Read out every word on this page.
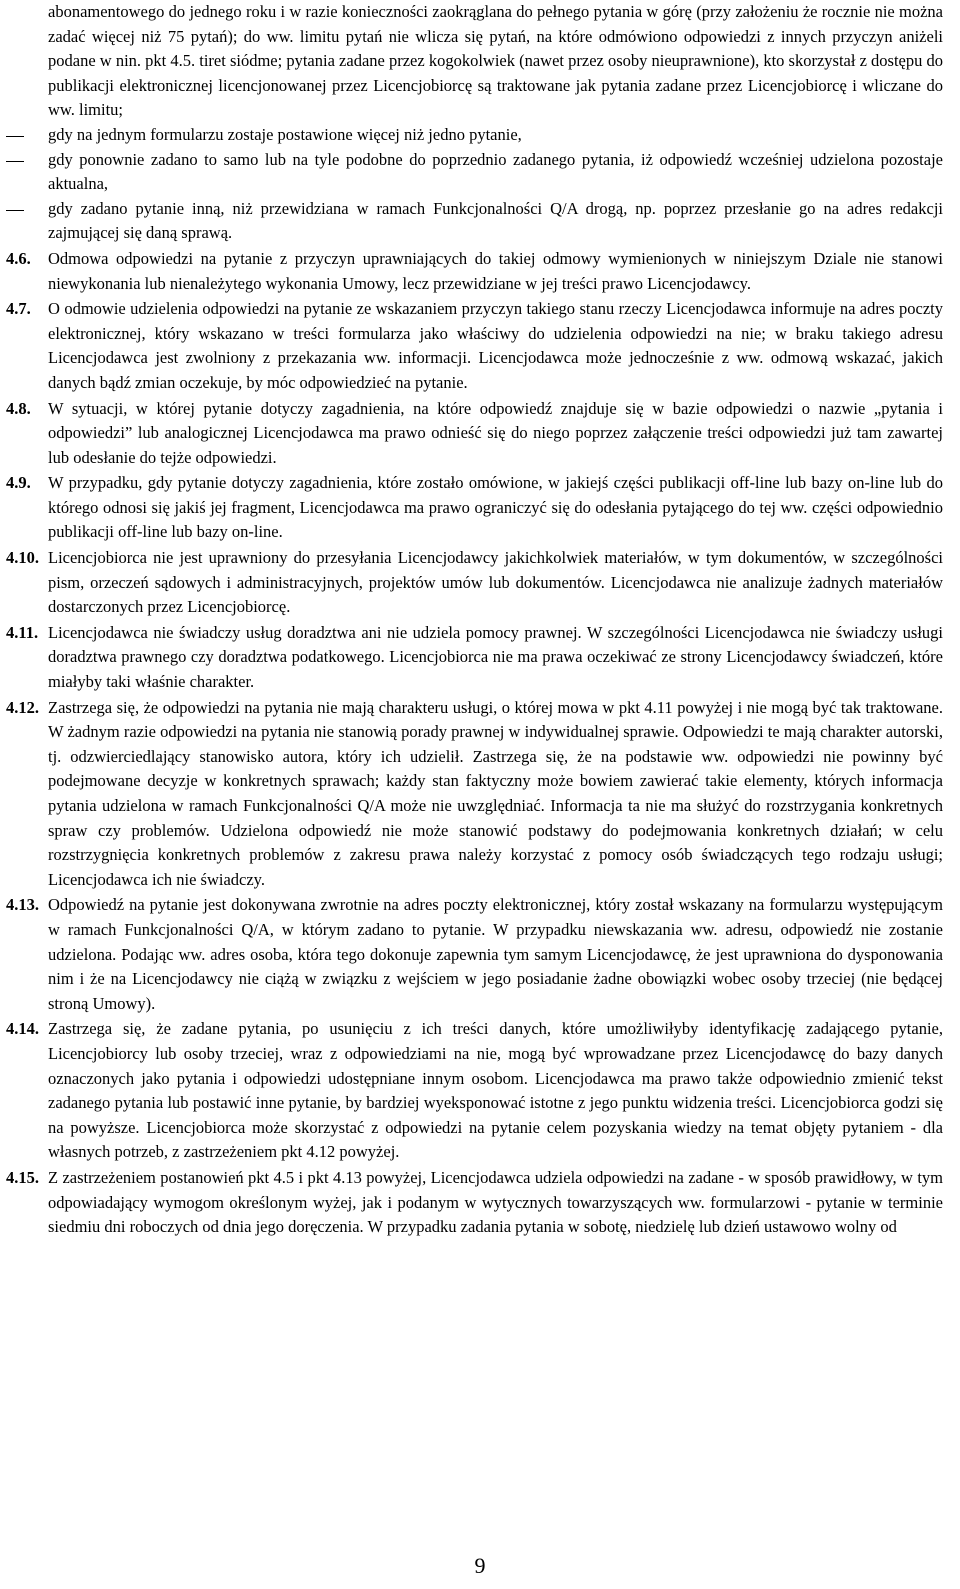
abonamentowego do jednego roku i w razie konieczności zaokrąglana do pełnego pytania w górę (przy założeniu że rocznie nie można zadać więcej niż 75 pytań); do ww. limitu pytań nie wlicza się pytań, na które odmówiono odpowiedzi z innych przyczyn aniżeli podane w nin. pkt 4.5. tiret siódme; pytania zadane przez kogokolwiek (nawet przez osoby nieuprawnione), kto skorzystał z dostępu do publikacji elektronicznej licencjonowanej przez Licencjobiorcę są traktowane jak pytania zadane przez Licencjobiorcę i wliczane do ww. limitu;
gdy na jednym formularzu zostaje postawione więcej niż jedno pytanie,
gdy ponownie zadano to samo lub na tyle podobne do poprzednio zadanego pytania, iż odpowiedź wcześniej udzielona pozostaje aktualna,
gdy zadano pytanie inną, niż przewidziana w ramach Funkcjonalności Q/A drogą, np. poprzez przesłanie go na adres redakcji zajmującej się daną sprawą.
4.6.	Odmowa odpowiedzi na pytanie z przyczyn uprawniających do takiej odmowy wymienionych w niniejszym Dziale nie stanowi niewykonania lub nienależytego wykonania Umowy, lecz przewidziane w jej treści prawo Licencjodawcy.
4.7.	O odmowie udzielenia odpowiedzi na pytanie ze wskazaniem przyczyn takiego stanu rzeczy Licencjodawca informuje na adres poczty elektronicznej, który wskazano w treści formularza jako właściwy do udzielenia odpowiedzi na nie; w braku takiego adresu Licencjodawca jest zwolniony z przekazania ww. informacji. Licencjodawca może jednocześnie z ww. odmową wskazać, jakich danych bądź zmian oczekuje, by móc odpowiedzieć na pytanie.
4.8.	W sytuacji, w której pytanie dotyczy zagadnienia, na które odpowiedź znajduje się w bazie odpowiedzi o nazwie „pytania i odpowiedzi” lub analogicznej Licencjodawca ma prawo odnieść się do niego poprzez załączenie treści odpowiedzi już tam zawartej lub odesłanie do tejże odpowiedzi.
4.9.	W przypadku, gdy pytanie dotyczy zagadnienia, które zostało omówione, w jakiejś części publikacji off-line lub bazy on-line lub do którego odnosi się jakiś jej fragment, Licencjodawca ma prawo ograniczyć się do odesłania pytającego do tej ww. części odpowiednio publikacji off-line lub bazy on-line.
4.10. Licencjobiorca nie jest uprawniony do przesyłania Licencjodawcy jakichkolwiek materiałów, w tym dokumentów, w szczególności pism, orzeczeń sądowych i administracyjnych, projektów umów lub dokumentów. Licencjodawca nie analizuje żadnych materiałów dostarczonych przez Licencjobiorcę.
4.11. Licencjodawca nie świadczy usług doradztwa ani nie udziela pomocy prawnej. W szczególności Licencjodawca nie świadczy usługi doradztwa prawnego czy doradztwa podatkowego. Licencjobiorca nie ma prawa oczekiwać ze strony Licencjodawcy świadczeń, które miałyby taki właśnie charakter.
4.12. Zastrzega się, że odpowiedzi na pytania nie mają charakteru usługi, o której mowa w pkt 4.11 powyżej i nie mogą być tak traktowane. W żadnym razie odpowiedzi na pytania nie stanowią porady prawnej w indywidualnej sprawie. Odpowiedzi te mają charakter autorski, tj. odzwierciedlający stanowisko autora, który ich udzielił. Zastrzega się, że na podstawie ww. odpowiedzi nie powinny być podejmowane decyzje w konkretnych sprawach; każdy stan faktyczny może bowiem zawierać takie elementy, których informacja pytania udzielona w ramach Funkcjonalności Q/A może nie uwzględniać. Informacja ta nie ma służyć do rozstrzygania konkretnych spraw czy problemów. Udzielona odpowiedź nie może stanowić podstawy do podejmowania konkretnych działań; w celu rozstrzygnięcia konkretnych problemów z zakresu prawa należy korzystać z pomocy osób świadczących tego rodzaju usługi; Licencjodawca ich nie świadczy.
4.13. Odpowiedź na pytanie jest dokonywana zwrotnie na adres poczty elektronicznej, który został wskazany na formularzu występującym w ramach Funkcjonalności Q/A, w którym zadano to pytanie. W przypadku niewskazania ww. adresu, odpowiedź nie zostanie udzielona. Podając ww. adres osoba, która tego dokonuje zapewnia tym samym Licencjodawcę, że jest uprawniona do dysponowania nim i że na Licencjodawcy nie ciążą w związku z wejściem w jego posiadanie żadne obowiązki wobec osoby trzeciej (nie będącej stroną Umowy).
4.14. Zastrzega się, że zadane pytania, po usunięciu z ich treści danych, które umożliwiłyby identyfikację zadającego pytanie, Licencjobiorcy lub osoby trzeciej, wraz z odpowiedziami na nie, mogą być wprowadzane przez Licencjodawcę do bazy danych oznaczonych jako pytania i odpowiedzi udostępniane innym osobom. Licencjodawca ma prawo także odpowiednio zmienić tekst zadanego pytania lub postawić inne pytanie, by bardziej wyeksponować istotne z jego punktu widzenia treści. Licencjobiorca godzi się na powyższe. Licencjobiorca może skorzystać z odpowiedzi na pytanie celem pozyskania wiedzy na temat objęty pytaniem - dla własnych potrzeb, z zastrzeżeniem pkt 4.12 powyżej.
4.15. Z zastrzeżeniem postanowień pkt 4.5 i pkt 4.13 powyżej, Licencjodawca udziela odpowiedzi na zadane - w sposób prawidłowy, w tym odpowiadający wymogom określonym wyżej, jak i podanym w wytycznych towarzyszących ww. formularzowi - pytanie w terminie siedmiu dni roboczych od dnia jego doręczenia. W przypadku zadania pytania w sobotę, niedzielę lub dzień ustawowo wolny od
9
